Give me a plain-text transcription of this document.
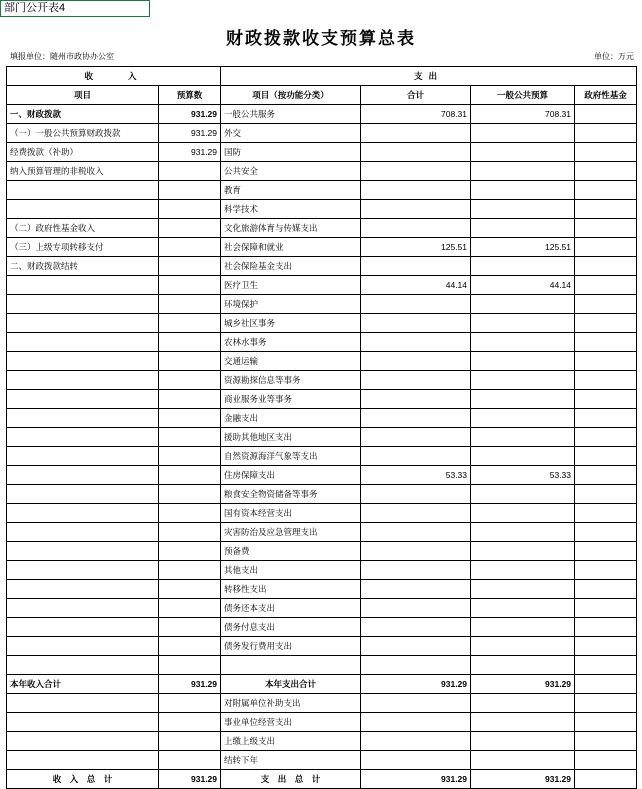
部门公开表4
财政拨款收支预算总表
填报单位：随州市政协办公室	单位：万元
收　　入		支出			
项目	预算数	项目（按功能分类）	合计	一般公共预算	政府性基金
一、财政拨款	931.29	一般公共服务	708.31	708.31	
（一）一般公共预算财政拨款	931.29	外交			
经费拨款（补助）	931.29	国防			
纳入预算管理的非税收入		公共安全			
		教育			
		科学技术			
（二）政府性基金收入		文化旅游体育与传媒支出			
（三）上级专项转移支付		社会保障和就业	125.51	125.51	
二、财政拨款结转		社会保险基金支出			
		医疗卫生	44.14	44.14	
		环境保护			
		城乡社区事务			
		农林水事务			
		交通运输			
		资源勘探信息等事务			
		商业服务业等事务			
		金融支出			
		援助其他地区支出			
		自然资源海洋气象等支出			
		住房保障支出	53.33	53.33	
		粮食安全物资储备等事务			
		国有资本经营支出			
		灾害防治及应急管理支出			
		预备费			
		其他支出			
		转移性支出			
		债务还本支出			
		债务付息支出			
		债务发行费用支出			

本年收入合计	931.29	本年支出合计	931.29	931.29	
		对附属单位补助支出			
		事业单位经营支出			
		上缴上级支出			
		结转下年			
收　入　总　计	931.29	支　出　总　计	931.29	931.29	
